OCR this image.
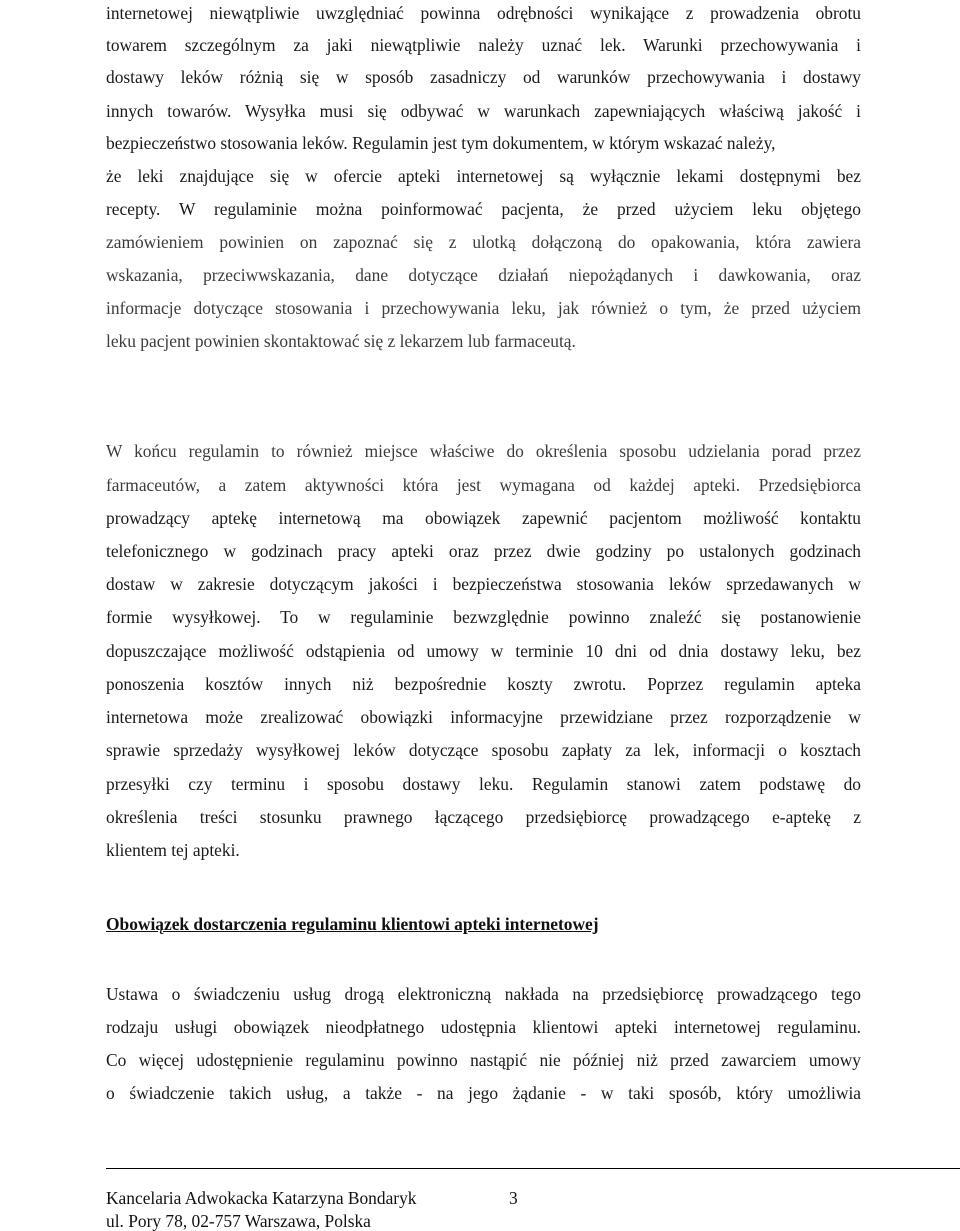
internetowej niewątpliwie uwzględniać powinna odrębności wynikające z prowadzenia obrotu
towarem szczególnym za jaki niewątpliwie należy uznać lek. Warunki przechowywania i
dostawy leków różnią się w sposób zasadniczy od warunków przechowywania i dostawy
innych towarów. Wysyłka musi się odbywać w warunkach zapewniających właściwą jakość i
bezpieczeństwo stosowania leków. Regulamin jest tym dokumentem, w którym wskazać należy,
że leki znajdujące się w ofercie apteki internetowej są wyłącznie lekami dostępnymi bez
recepty. W regulaminie można poinformować pacjenta, że przed użyciem leku objętego
zamówieniem powinien on zapoznać się z ulotką dołączoną do opakowania, która zawiera
wskazania, przeciwwskazania, dane dotyczące działań niepożądanych i dawkowania, oraz
informacje dotyczące stosowania i przechowywania leku, jak również o tym, że przed użyciem
leku pacjent powinien skontaktować się z lekarzem lub farmaceutą.
W końcu regulamin to również miejsce właściwe do określenia sposobu udzielania porad przez
farmaceutów, a zatem aktywności która jest wymagana od każdej apteki. Przedsiębiorca
prowadzący aptekę internetową ma obowiązek zapewnić pacjentom możliwość kontaktu
telefonicznego w godzinach pracy apteki oraz przez dwie godziny po ustalonych godzinach
dostaw w zakresie dotyczącym jakości i bezpieczeństwa stosowania leków sprzedawanych w
formie wysyłkowej. To w regulaminie bezwzględnie powinno znaleźć się postanowienie
dopuszczające możliwość odstąpienia od umowy w terminie 10 dni od dnia dostawy leku, bez
ponoszenia kosztów innych niż bezpośrednie koszty zwrotu. Poprzez regulamin apteka
internetowa może zrealizować obowiązki informacyjne przewidziane przez rozporządzenie w
sprawie sprzedaży wysyłkowej leków dotyczące sposobu zapłaty za lek, informacji o kosztach
przesyłki czy terminu i sposobu dostawy leku. Regulamin stanowi zatem podstawę do
określenia treści stosunku prawnego łączącego przedsiębiorcę prowadzącego e-aptekę z
klientem tej apteki.
Obowiązek dostarczenia regulaminu klientowi apteki internetowej
Ustawa o świadczeniu usług drogą elektroniczną nakłada na przedsiębiorcę prowadzącego tego
rodzaju usługi obowiązek nieodpłatnego udostępnia klientowi apteki internetowej regulaminu.
Co więcej udostępnienie regulaminu powinno nastąpić nie później niż przed zawarciem umowy
o świadczenie takich usług, a także - na jego żądanie - w taki sposób, który umożliwia
Kancelaria Adwokacka Katarzyna Bondaryk	3
ul. Pory 78, 02-757 Warszawa, Polska
